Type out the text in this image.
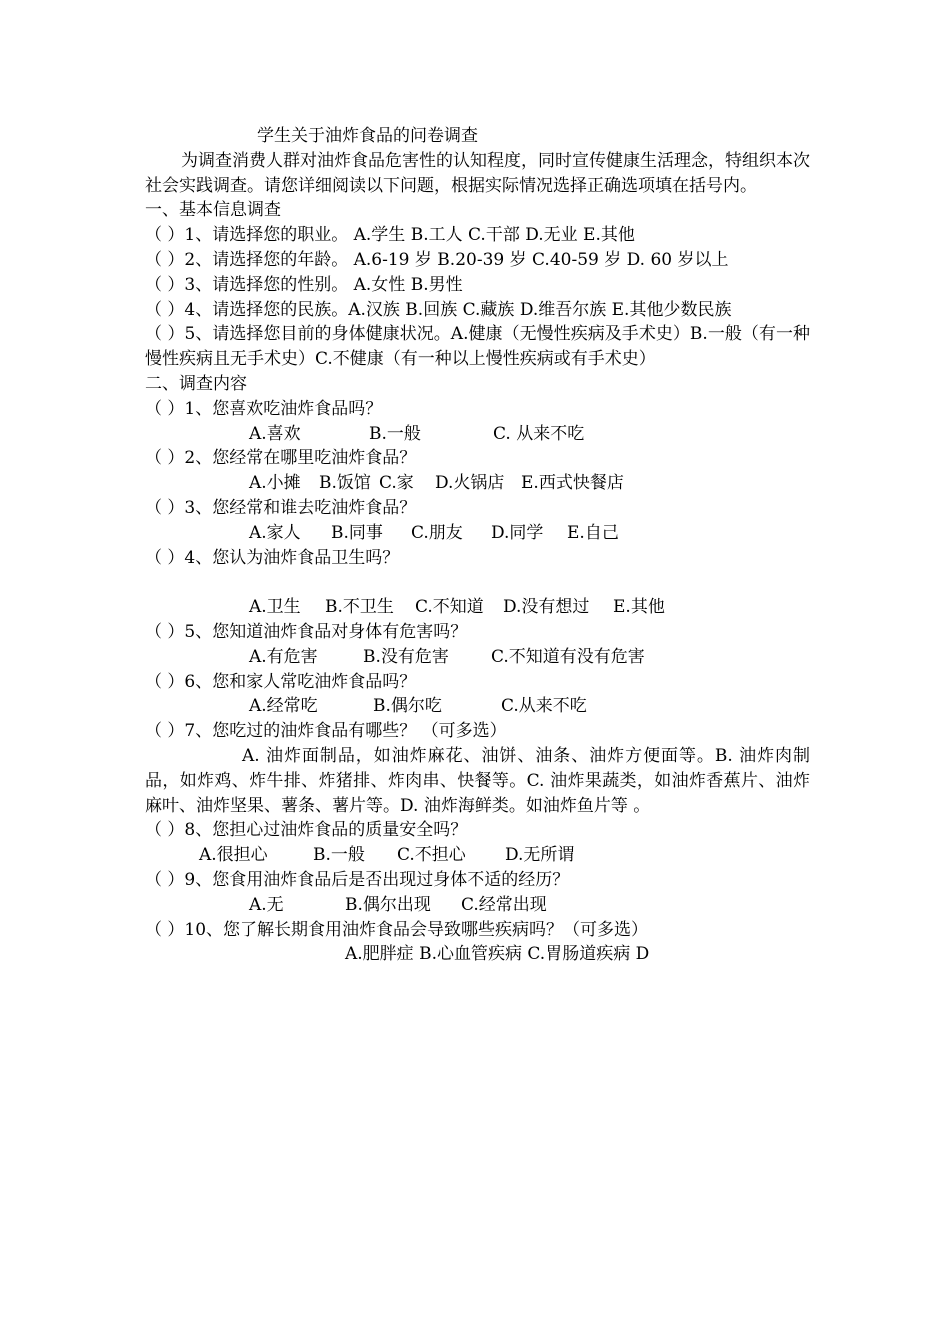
学生关于油炸食品的问卷调查
为调查消费人群对油炸食品危害性的认知程度，同时宣传健康生活理念，特组织本次社会实践调查。请您详细阅读以下问题，根据实际情况选择正确选项填在括号内。
一、基本信息调查
（ ）1、请选择您的职业。 A.学生 B.工人 C.干部 D.无业 E.其他
（ ）2、请选择您的年龄。 A.6-19 岁 B.20-39 岁 C.40-59 岁 D. 60 岁以上
（ ）3、请选择您的性别。 A.女性 B.男性
（ ）4、请选择您的民族。A.汉族 B.回族 C.藏族 D.维吾尔族 E.其他少数民族
（ ）5、请选择您目前的身体健康状况。A.健康（无慢性疾病及手术史）B.一般（有一种慢性疾病且无手术史）C.不健康（有一种以上慢性疾病或有手术史）
二、调查内容
（ ）1、您喜欢吃油炸食品吗？
A.喜欢	B.一般	C. 从来不吃
（ ）2、您经常在哪里吃油炸食品？
A.小摊 B.饭馆 C.家 D.火锅店 E.西式快餐店
（ ）3、您经常和谁去吃油炸食品？
A.家人 B.同事 C.朋友 D.同学 E.自己
（ ）4、您认为油炸食品卫生吗？
A.卫生 B.不卫生 C.不知道 D.没有想过 E.其他
（ ）5、您知道油炸食品对身体有危害吗？
A.有危害	B.没有危害 C.不知道有没有危害
（ ）6、您和家人常吃油炸食品吗？
A.经常吃	B.偶尔吃	C.从来不吃
（ ）7、您吃过的油炸食品有哪些？ （可多选）
A. 油炸面制品，如油炸麻花、油饼、油条、油炸方便面等。B. 油炸肉制品，如炸鸡、炸牛排、炸猪排、炸肉串、快餐等。C. 油炸果蔬类，如油炸香蕉片、油炸麻叶、油炸坚果、薯条、薯片等。D. 油炸海鲜类。如油炸鱼片等 。
（ ）8、您担心过油炸食品的质量安全吗？
A.很担心	B.一般 C.不担心 D.无所谓
（ ）9、您食用油炸食品后是否出现过身体不适的经历？
A.无	B.偶尔出现 C.经常出现
（ ）10、您了解长期食用油炸食品会导致哪些疾病吗？（可多选）
A.肥胖症 B.心血管疾病 C.胃肠道疾病 D
